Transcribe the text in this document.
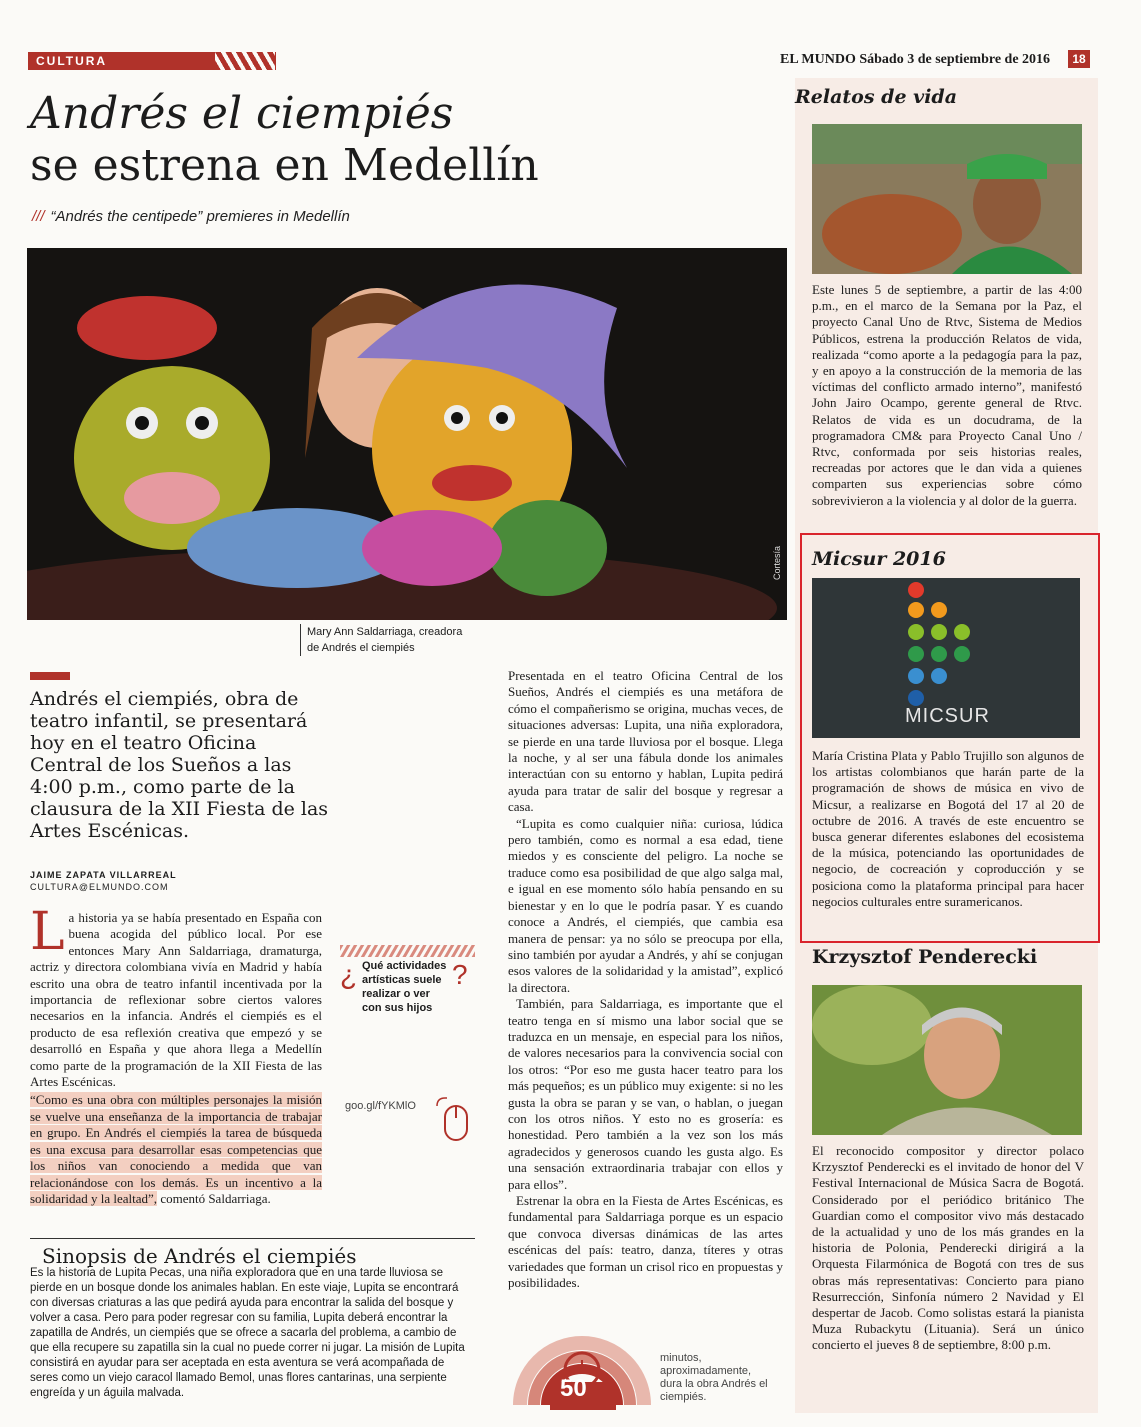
CULTURA	EL MUNDO Sábado 3 de septiembre de 2016	18
Andrés el ciempiés
se estrena en Medellín
/// “Andrés the centipede” premieres in Medellín
Cortesía
Mary Ann Saldarriaga, creadora
de Andrés el ciempiés
Andrés el ciempiés, obra de teatro infantil, se presentará hoy en el teatro Oficina Central de los Sueños a las 4:00 p.m., como parte de la clausura de la XII Fiesta de las Artes Escénicas.
JAIME ZAPATA VILLARREAL
CULTURA@ELMUNDO.COM
L a historia ya se había presentado en España con buena acogida del público local. Por ese entonces Mary Ann Saldarriaga, dramaturga, actriz y directora colombiana vivía en Madrid y había escrito una obra de teatro infantil incentivada por la importancia de reflexionar sobre ciertos valores necesarios en la infancia. Andrés el ciempiés es el producto de esa reflexión creativa que empezó y se desarrolló en España y que ahora llega a Medellín como parte de la programación de la XII Fiesta de las Artes Escénicas.
“Como es una obra con múltiples personajes la misión se vuelve una enseñanza de la importancia de trabajar en grupo. En Andrés el ciempiés la tarea de búsqueda es una excusa para desarrollar esas competencias que los niños van conociendo a medida que van relacionándose con los demás. Es un incentivo a la solidaridad y la lealtad”, comentó Saldarriaga.
¿	?
Qué actividades artísticas suele realizar o ver con sus hijos
goo.gl/fYKMlO
Presentada en el teatro Oficina Central de los Sueños, Andrés el ciempiés es una metáfora de cómo el compañerismo se origina, muchas veces, de situaciones adversas: Lupita, una niña exploradora, se pierde en una tarde lluviosa por el bosque. Llega la noche, y al ser una fábula donde los animales interactúan con su entorno y hablan, Lupita pedirá ayuda para tratar de salir del bosque y regresar a casa.
“Lupita es como cualquier niña: curiosa, lúdica pero también, como es normal a esa edad, tiene miedos y es consciente del peligro. La noche se traduce como esa posibilidad de que algo salga mal, e igual en ese momento sólo había pensando en su bienestar y en lo que le podría pasar. Y es cuando conoce a Andrés, el ciempiés, que cambia esa manera de pensar: ya no sólo se preocupa por ella, sino también por ayudar a Andrés, y ahí se conjugan esos valores de la solidaridad y la amistad”, explicó la directora.
También, para Saldarriaga, es importante que el teatro tenga en sí mismo una labor social que se traduzca en un mensaje, en especial para los niños, de valores necesarios para la convivencia social con los otros: “Por eso me gusta hacer teatro para los más pequeños; es un público muy exigente: si no les gusta la obra se paran y se van, o hablan, o juegan con los otros niños. Y esto no es grosería: es honestidad. Pero también a la vez son los más agradecidos y generosos cuando les gusta algo. Es una sensación extraordinaria trabajar con ellos y para ellos”.
Estrenar la obra en la Fiesta de Artes Escénicas, es fundamental para Saldarriaga porque es un espacio que convoca diversas dinámicas de las artes escénicas del país: teatro, danza, títeres y otras variedades que forman un crisol rico en propuestas y posibilidades.
Sinopsis de Andrés el ciempiés
Es la historia de Lupita Pecas, una niña exploradora que en una tarde lluviosa se pierde en un bosque donde los animales hablan. En este viaje, Lupita se encontrará con diversas criaturas a las que pedirá ayuda para encontrar la salida del bosque y volver a casa. Pero para poder regresar con su familia, Lupita deberá encontrar la zapatilla de Andrés, un ciempiés que se ofrece a sacarla del problema, a cambio de que ella recupere su zapatilla sin la cual no puede correr ni jugar. La misión de Lupita consistirá en ayudar para ser aceptada en esta aventura se verá acompañada de seres como un viejo caracol llamado Bemol, unas flores cantarinas, una serpiente engreída y un águila malvada.	50
minutos, aproximadamente, dura la obra Andrés el ciempiés.
Relatos de vida
Este lunes 5 de septiembre, a partir de las 4:00 p.m., en el marco de la Semana por la Paz, el proyecto Canal Uno de Rtvc, Sistema de Medios Públicos, estrena la producción Relatos de vida, realizada “como aporte a la pedagogía para la paz, y en apoyo a la construcción de la memoria de las víctimas del conflicto armado interno”, manifestó John Jairo Ocampo, gerente general de Rtvc. Relatos de vida es un docudrama, de la programadora CM& para Proyecto Canal Uno / Rtvc, conformada por seis historias reales, recreadas por actores que le dan vida a quienes comparten sus experiencias sobre cómo sobrevivieron a la violencia y al dolor de la guerra.
Micsur 2016
MICSUR
María Cristina Plata y Pablo Trujillo son algunos de los artistas colombianos que harán parte de la programación de shows de música en vivo de Micsur, a realizarse en Bogotá del 17 al 20 de octubre de 2016. A través de este encuentro se busca generar diferentes eslabones del ecosistema de la música, potenciando las oportunidades de negocio, de cocreación y coproducción y se posiciona como la plataforma principal para hacer negocios culturales entre suramericanos.
Krzysztof Penderecki
El reconocido compositor y director polaco Krzysztof Penderecki es el invitado de honor del V Festival Internacional de Música Sacra de Bogotá. Considerado por el periódico británico The Guardian como el compositor vivo más destacado de la actualidad y uno de los más grandes en la historia de Polonia, Penderecki dirigirá a la Orquesta Filarmónica de Bogotá con tres de sus obras más representativas: Concierto para piano Resurrección, Sinfonía número 2 Navidad y El despertar de Jacob. Como solistas estará la pianista Muza Rubackytu (Lituania). Será un único concierto el jueves 8 de septiembre, 8:00 p.m.
